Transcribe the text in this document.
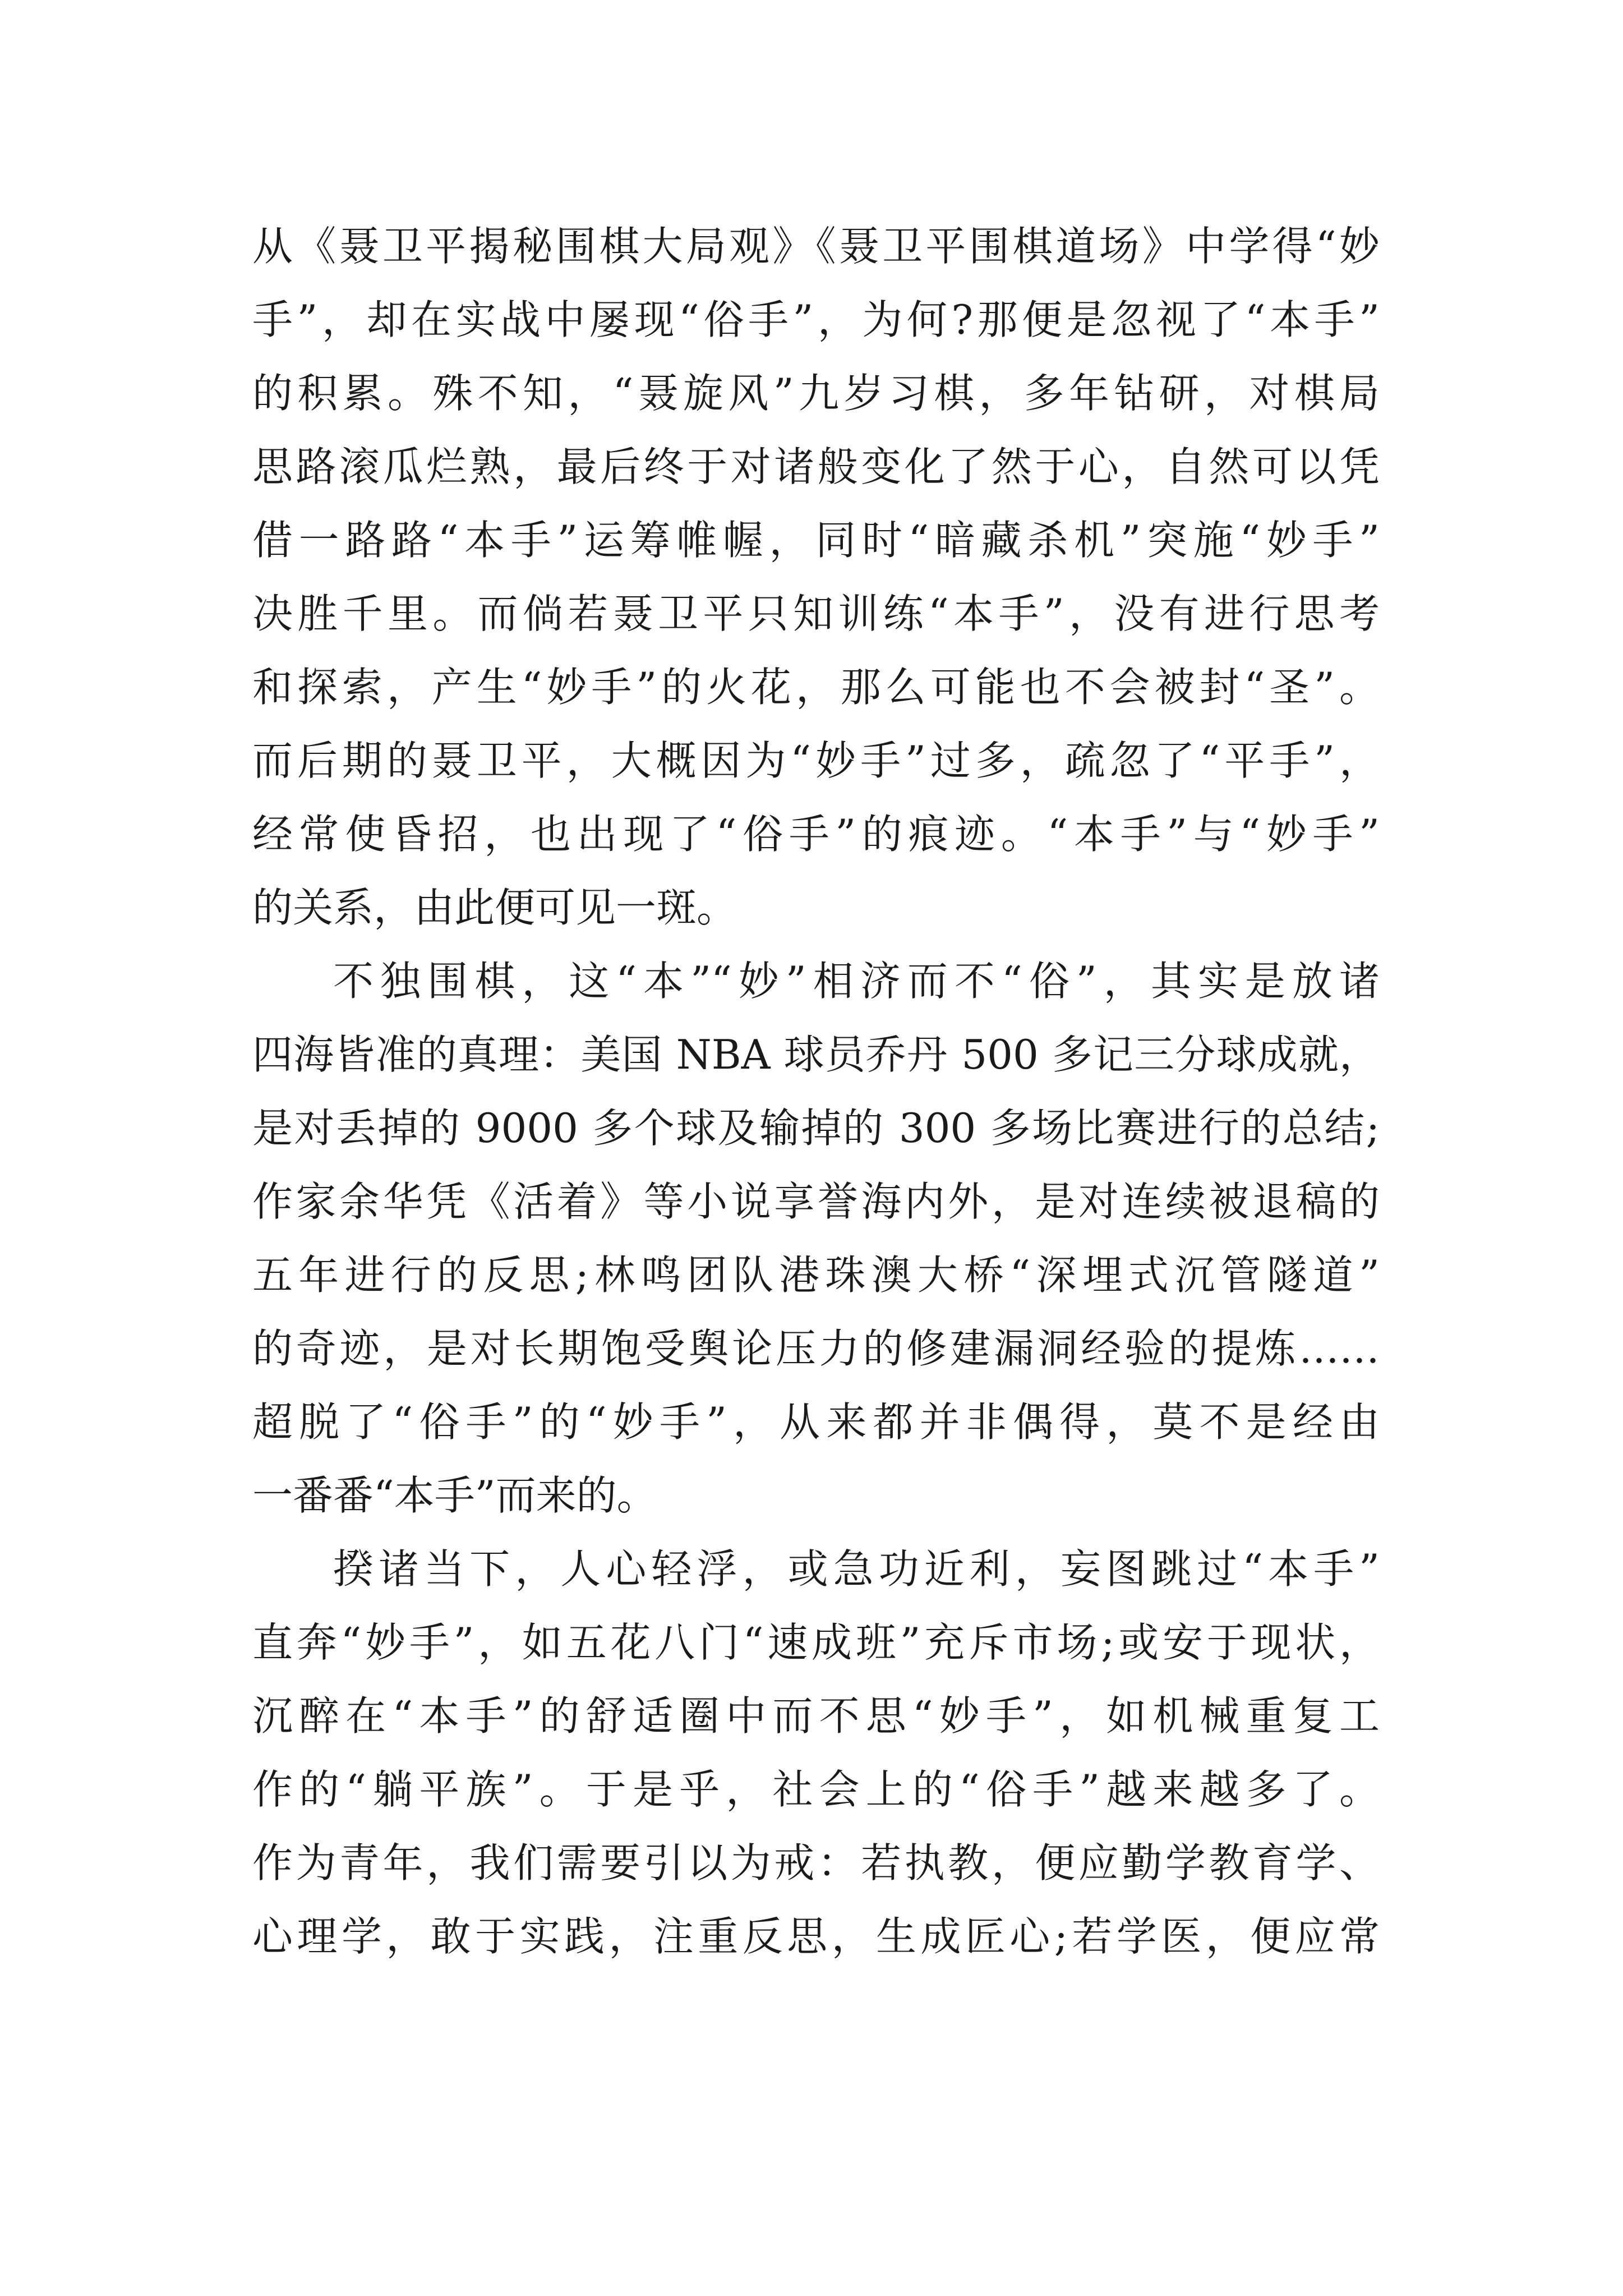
从《聂卫平揭秘围棋大局观》《聂卫平围棋道场》中学得“妙
手”，却在实战中屡现“俗手”，为何?那便是忽视了“本手”
的积累。殊不知，“聂旋风”九岁习棋，多年钻研，对棋局
思路滚瓜烂熟，最后终于对诸般变化了然于心，自然可以凭
借一路路“本手”运筹帷幄，同时“暗藏杀机”突施“妙手”
决胜千里。而倘若聂卫平只知训练“本手”，没有进行思考
和探索，产生“妙手”的火花，那么可能也不会被封“圣”。
而后期的聂卫平，大概因为“妙手”过多，疏忽了“平手”，
经常使昏招，也出现了“俗手”的痕迹。“本手”与“妙手”
的关系，由此便可见一斑。
不独围棋，这“本”“妙”相济而不“俗”，其实是放诸
四海皆准的真理：美国 NBA 球员乔丹 500 多记三分球成就，
是对丢掉的 9000 多个球及输掉的 300 多场比赛进行的总结;
作家余华凭《活着》等小说享誉海内外，是对连续被退稿的
五年进行的反思;林鸣团队港珠澳大桥“深埋式沉管隧道”
的奇迹，是对长期饱受舆论压力的修建漏洞经验的提炼……
超脱了“俗手”的“妙手”，从来都并非偶得，莫不是经由
一番番“本手”而来的。
揆诸当下，人心轻浮，或急功近利，妄图跳过“本手”
直奔“妙手”，如五花八门“速成班”充斥市场;或安于现状，
沉醉在“本手”的舒适圈中而不思“妙手”，如机械重复工
作的“躺平族”。于是乎，社会上的“俗手”越来越多了。
作为青年，我们需要引以为戒：若执教，便应勤学教育学、
心理学，敢于实践，注重反思，生成匠心;若学医，便应常
